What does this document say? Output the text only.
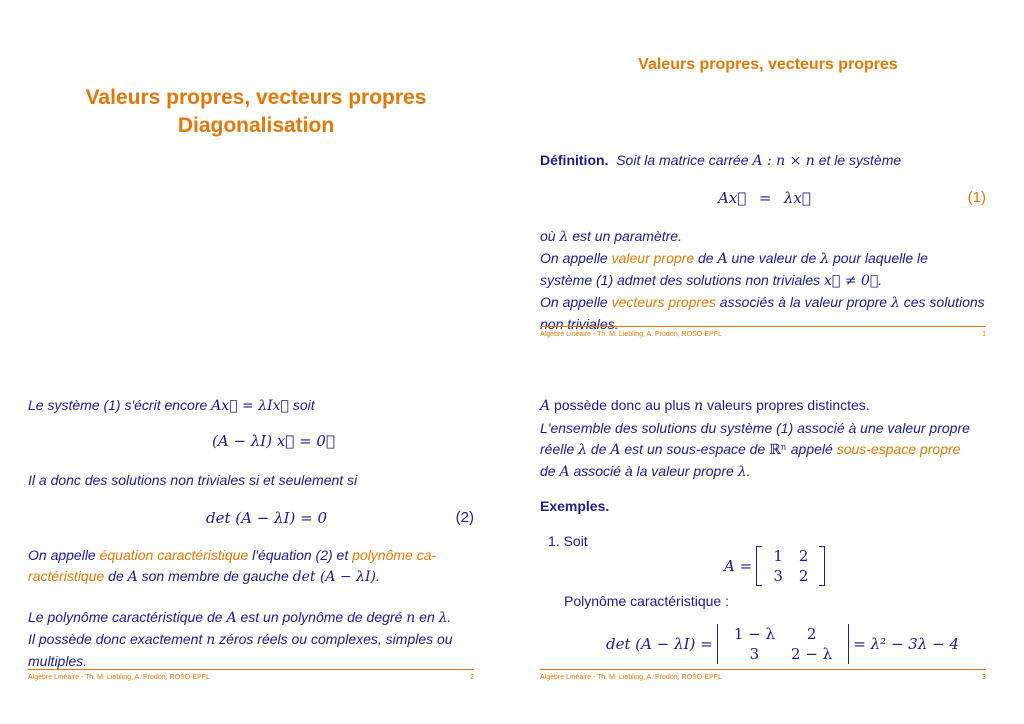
Valeurs propres, vecteurs propres
Diagonalisation
Valeurs propres, vecteurs propres
Définition. Soit la matrice carrée A : n × n et le système
Ax⃗ = λx⃗	(1)
où λ est un paramètre.
On appelle valeur propre de A une valeur de λ pour laquelle le
système (1) admet des solutions non triviales x⃗ ≠ 0⃗.
On appelle vecteurs propres associés à la valeur propre λ ces solutions
non triviales.
Algèbre Linéaire - Th. M. Liebling, A. Prodon, ROSO-EPFL	1
Le système (1) s'écrit encore Ax⃗ = λIx⃗ soit
(A − λI) x⃗ = 0⃗
Il a donc des solutions non triviales si et seulement si
det (A − λI) = 0	(2)
On appelle équation caractéristique l'équation (2) et polynôme ca-
ractéristique de A son membre de gauche det (A − λI).
Le polynôme caractéristique de A est un polynôme de degré n en λ.
Il possède donc exactement n zéros réels ou complexes, simples ou
multiples.
Algèbre Linéaire - Th. M. Liebling, A. Prodon, ROSO-EPFL	2
A possède donc au plus n valeurs propres distinctes.
L'ensemble des solutions du système (1) associé à une valeur propre
réelle λ de A est un sous-espace de ℝⁿ appelé sous-espace propre
de A associé à la valeur propre λ.
Exemples.
1. Soit
A =
1	2
3	2
Polynôme caractéristique :
det (A − λI) =
1 − λ	2
3	2 − λ
= λ² − 3λ − 4
Algèbre Linéaire - Th. M. Liebling, A. Prodon, ROSO-EPFL	3
